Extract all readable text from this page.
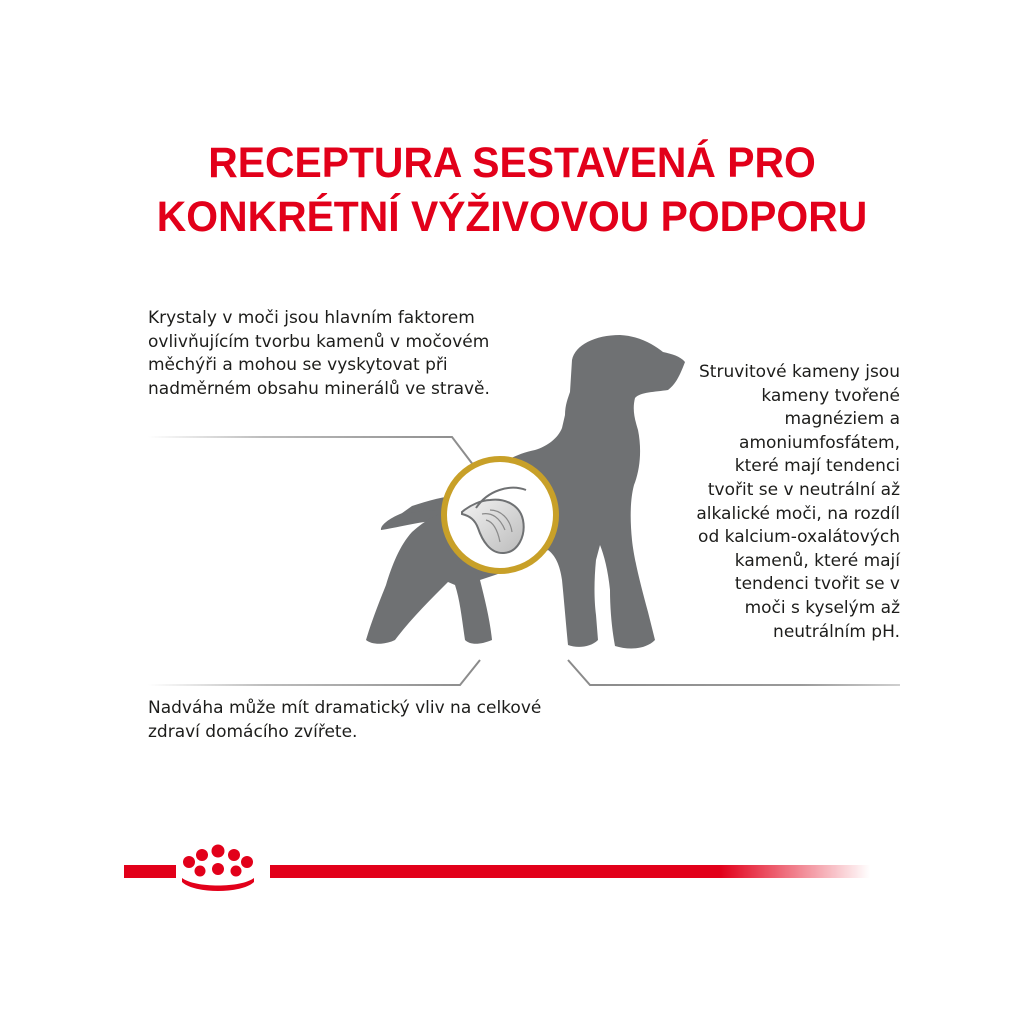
RECEPTURA SESTAVENÁ PRO
KONKRÉTNÍ VÝŽIVOVOU PODPORU

Krystaly v moči jsou hlavním faktorem ovlivňujícím tvorbu kamenů v močovém měchýři a mohou se vyskytovat při nadměrném obsahu minerálů ve stravě.

Nadváha může mít dramatický vliv na celkové zdraví domácího zvířete.

Struvitové kameny jsou kameny tvořené magnéziem a amoniumfosfátem, které mají tendenci tvořit se v neutrální až alkalické moči, na rozdíl od kalcium-oxalátových kamenů, které mají tendenci tvořit se v moči s kyselým až neutrálním pH.
